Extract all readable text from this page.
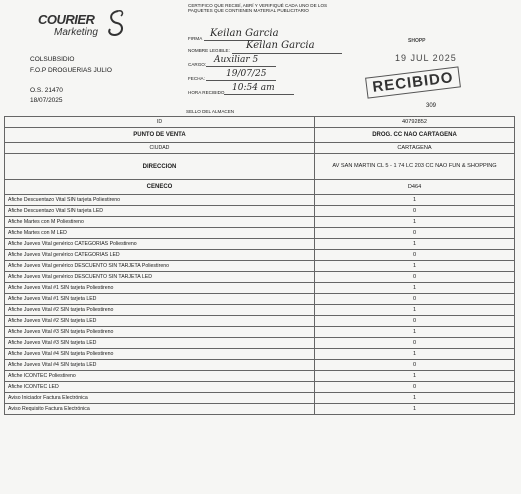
COURIER
Marketing
COLSUBSIDIO
F.O.P DROGUERIAS JULIO
O.S. 21470
18/07/2025
CERTIFICO QUE RECIBÍ, ABRÍ Y VERIFIQUÉ CADA UNO DE LOS PAQUETES QUE CONTIENEN MATERIAL PUBLICITARIO
FIRMA Keilan Garcia
NOMBRE LEGIBLE: Keilan Garcia
CARGO: Auxiliar 5
FECHA: 19/07/25
HORA RECIBIDO 10:54 am
SHOPP
19 JUL 2025
RECIBIDO
309
SELLO DEL ALMACEN
ID	40792852
PUNTO DE VENTA	DROG. CC NAO CARTAGENA
CIUDAD	CARTAGENA
DIRECCION	AV SAN MARTIN CL 5 - 1 74 LC 203 CC NAO FUN & SHOPPING
CENECO	D464
Afiche Descuentazo Vital SIN tarjeta Poliestireno	1
Afiche Descuentazo Vital SIN tarjeta LED	0
Afiche Martes con M Poliestireno	1
Afiche Martes con M LED	0
Afiche Jueves Vital genérico CATEGORIAS Poliestireno	1
Afiche Jueves Vital genérico CATEGORIAS LED	0
Afiche Jueves Vital genérico DESCUENTO SIN TARJETA Poliestireno	1
Afiche Jueves Vital genérico DESCUENTO SIN TARJETA LED	0
Afiche Jueves Vital #1 SIN tarjeta Poliestireno	1
Afiche Jueves Vital #1 SIN tarjeta LED	0
Afiche Jueves Vital #2 SIN tarjeta Poliestireno	1
Afiche Jueves Vital #2 SIN tarjeta LED	0
Afiche Jueves Vital #3 SIN tarjeta Poliestireno	1
Afiche Jueves Vital #3 SIN tarjeta LED	0
Afiche Jueves Vital #4 SIN tarjeta Poliestireno	1
Afiche Jueves Vital #4 SIN tarjeta LED	0
Afiche ICONTEC Poliestireno	1
Afiche ICONTEC LED	0
Aviso Iniciador Factura Electrónica	1
Aviso Requisito Factura Electrónica	1
